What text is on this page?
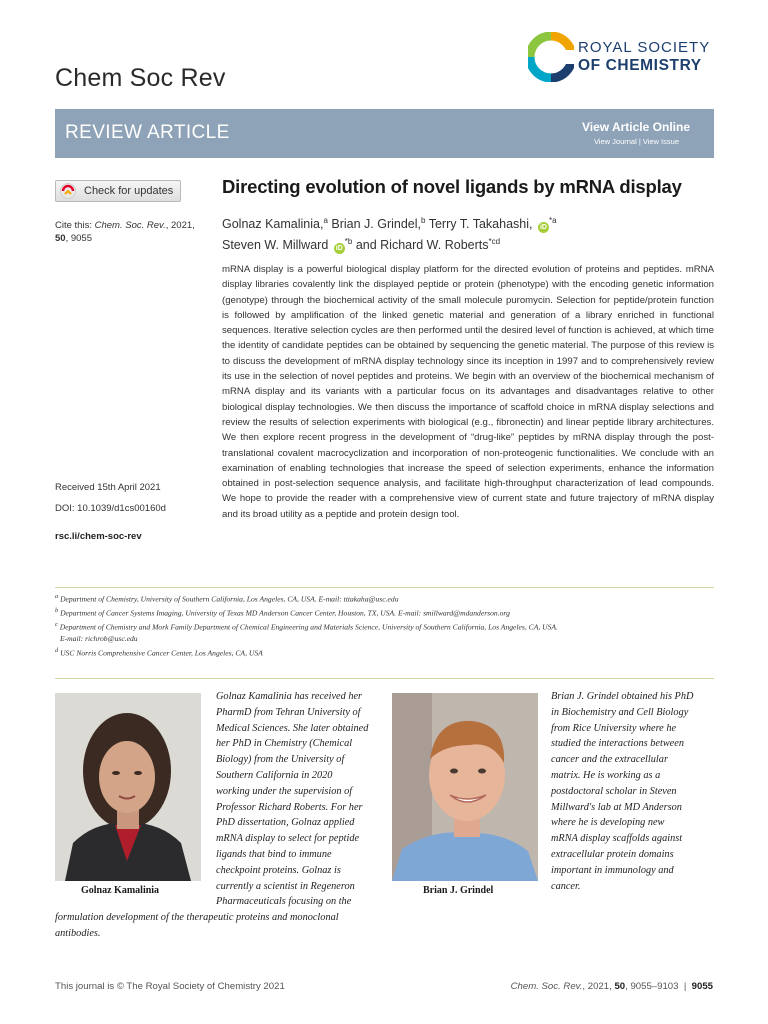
Chem Soc Rev
ROYAL SOCIETY
OF CHEMISTRY
REVIEW ARTICLE	View Article Online
View Journal | View Issue
Check for updates
Cite this: Chem. Soc. Rev., 2021,
50, 9055
Received 15th April 2021
DOI: 10.1039/d1cs00160d
rsc.li/chem-soc-rev
Directing evolution of novel ligands by mRNA display
Golnaz Kamalinia,$^a$ Brian J. Grindel,$^b$ Terry T. Takahashi, $iD^{*a}$
Steven W. Millward $iD^{*b}$ and Richard W. Roberts$^{*cd}$
mRNA display is a powerful biological display platform for the directed evolution of proteins and peptides. mRNA display libraries covalently link the displayed peptide or protein (phenotype) with the encoding genetic information (genotype) through the biochemical activity of the small molecule puromycin. Selection for peptide/protein function is followed by amplification of the linked genetic material and generation of a library enriched in functional sequences. Iterative selection cycles are then performed until the desired level of function is achieved, at which time the identity of candidate peptides can be obtained by sequencing the genetic material. The purpose of this review is to discuss the development of mRNA display technology since its inception in 1997 and to comprehensively review its use in the selection of novel peptides and proteins. We begin with an overview of the biochemical mechanism of mRNA display and its variants with a particular focus on its advantages and disadvantages relative to other biological display technologies. We then discuss the importance of scaffold choice in mRNA display selections and review the results of selection experiments with biological (e.g., fibronectin) and linear peptide library architectures. We then explore recent progress in the development of “drug-like” peptides by mRNA display through the post-translational covalent macrocyclization and incorporation of non-proteogenic functionalities. We conclude with an examination of enabling technologies that increase the speed of selection experiments, enhance the information obtained in post-selection sequence analysis, and facilitate high-throughput characterization of lead compounds. We hope to provide the reader with a comprehensive view of current state and future trajectory of mRNA display and its broad utility as a peptide and protein design tool.
$^a$ Department of Chemistry, University of Southern California, Los Angeles, CA, USA. E-mail: tttakaha@usc.edu
$^b$ Department of Cancer Systems Imaging, University of Texas MD Anderson Cancer Center, Houston, TX, USA. E-mail: smillward@mdanderson.org
$^c$ Department of Chemistry and Mork Family Department of Chemical Engineering and Materials Science, University of Southern California, Los Angeles, CA, USA.
E-mail: richrob@usc.edu
$^d$ USC Norris Comprehensive Cancer Center, Los Angeles, CA, USA
Golnaz Kamalinia	Brian J. Grindel
Golnaz Kamalinia has received her
PharmD from Tehran University of
Medical Sciences. She later obtained
her PhD in Chemistry (Chemical
Biology) from the University of
Southern California in 2020
working under the supervision of
Professor Richard Roberts. For her
PhD dissertation, Golnaz applied
mRNA display to select for peptide
ligands that bind to immune
checkpoint proteins. Golnaz is
currently a scientist in Regeneron
Pharmaceuticals focusing on the
formulation development of the therapeutic proteins and monoclonal antibodies.
Brian J. Grindel obtained his PhD
in Biochemistry and Cell Biology
from Rice University where he
studied the interactions between
cancer and the extracellular
matrix. He is working as a
postdoctoral scholar in Steven
Millward's lab at MD Anderson
where he is developing new
mRNA display scaffolds against
extracellular protein domains
important in immunology and
cancer.
This journal is © The Royal Society of Chemistry 2021	Chem. Soc. Rev., 2021, 50, 9055–9103 | 9055
